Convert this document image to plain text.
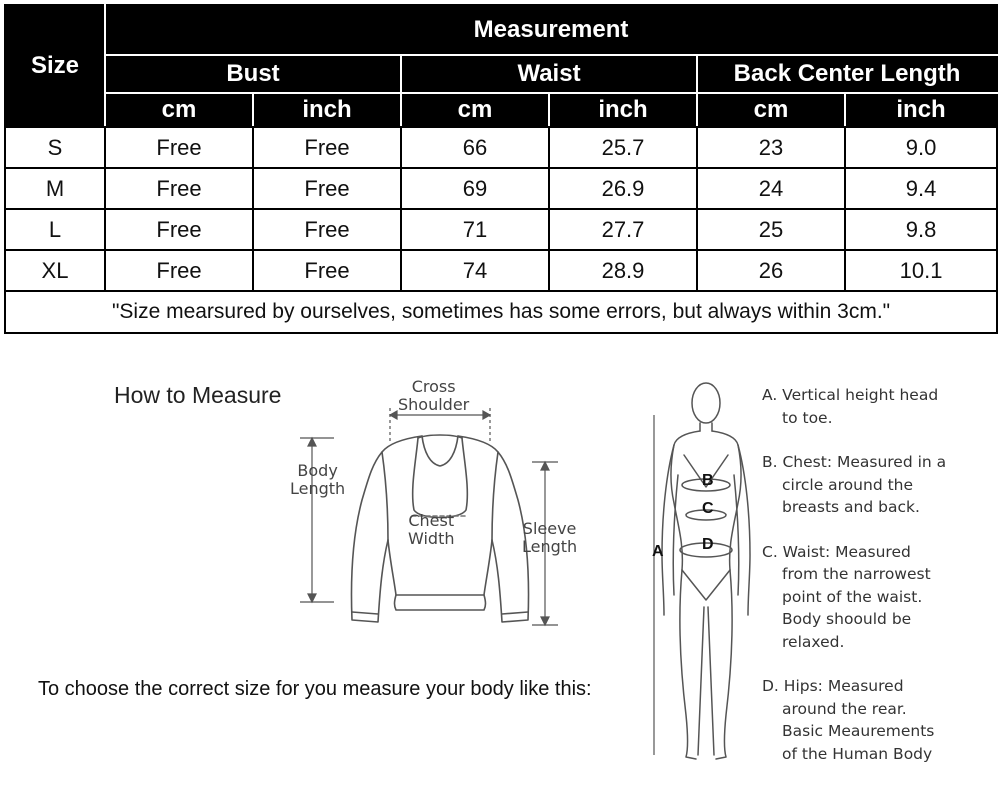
Size	Measurement					
	Bust		Waist		Back Center Length	
	cm	inch	cm	inch	cm	inch
S	Free	Free	66	25.7	23	9.0
M	Free	Free	69	26.9	24	9.4
L	Free	Free	71	27.7	25	9.8
XL	Free	Free	74	28.9	26	10.1
"Size mearsured by ourselves, sometimes has some errors, but always within 3cm."						
How to Measure	Cross
Shoulder
Body
Length
Chest
Width
Sleeve
Length
To choose the correct size for you measure your body like this:
B
C
D
A
A. Vertical height head
to toe.
B. Chest: Measured in a
circle around the
breasts and back.
C. Waist: Measured
from the narrowest
point of the waist.
Body shoould be
relaxed.
D. Hips: Measured
around the rear.
Basic Meaurements
of the Human Body
